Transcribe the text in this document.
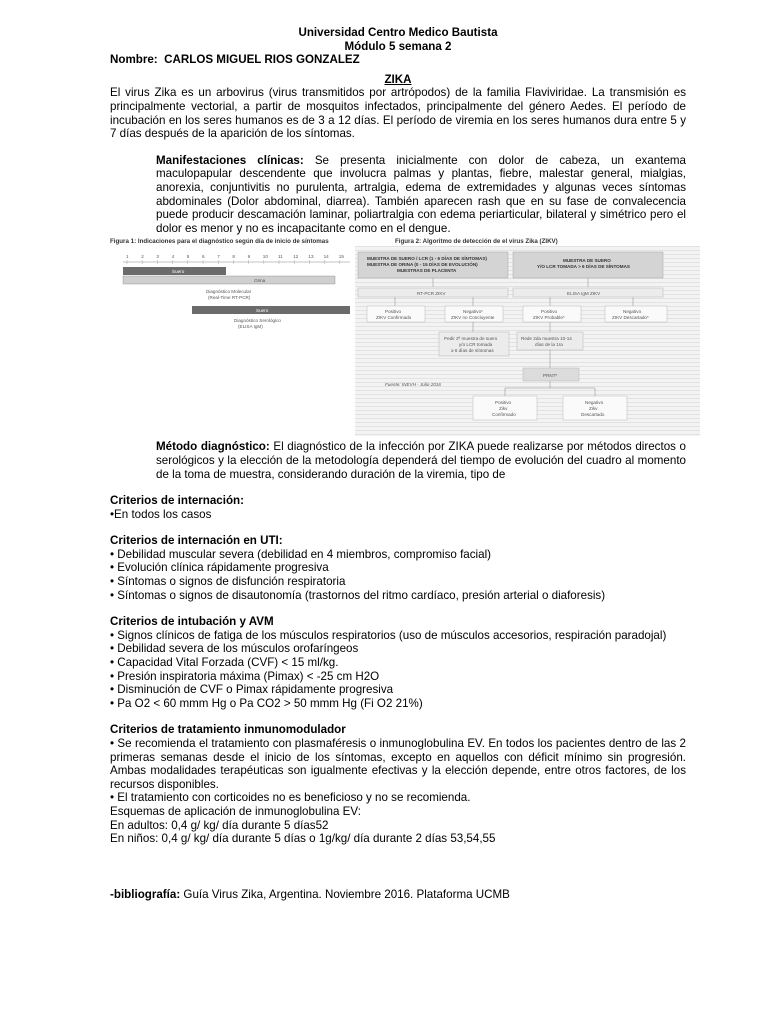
Universidad Centro Medico Bautista
Módulo 5 semana 2
Nombre: CARLOS MIGUEL RIOS GONZALEZ
ZIKA

El virus Zika es un arbovirus (virus transmitidos por artrópodos) de la familia Flaviviridae. La transmisión es principalmente vectorial, a partir de mosquitos infectados, principalmente del género Aedes. El período de incubación en los seres humanos es de 3 a 12 días. El período de viremia en los seres humanos dura entre 5 y 7 días después de la aparición de los síntomas.

Manifestaciones clínicas: Se presenta inicialmente con dolor de cabeza, un exantema maculopapular descendente que involucra palmas y plantas, fiebre, malestar general, mialgias, anorexia, conjuntivitis no purulenta, artralgia, edema de extremidades y algunas veces síntomas abdominales (Dolor abdominal, diarrea). También aparecen rash que en su fase de convalecencia puede producir descamación laminar, poliartralgia con edema periarticular, bilateral y simétrico pero el dolor es menor y no es incapacitante como en el dengue.

Figura 1: Indicaciones para el diagnóstico según día de inicio de síntomas
1	2	3	4	5	6	7	8	9	10 11 12 13 14 15
Suero
Orina
Diagnóstico Molecular
(Real-Time RT-PCR)
Suero
Diagnóstico Serológico
(ELISA IgM)
Figura 2: Algoritmo de detección de el virus Zika (ZIKV)
MUESTRA DE SUERO / LCR (1 - 6 DÍAS DE SÍNTOMAS)
MUESTRA DE ORINA (0 - 15 DÍAS DE EVOLUCIÓN)
MUESTRAS DE PLACENTA
MUESTRA DE SUERO
Y/O LCR TOMADA > 6 DÍAS DE SÍNTOMAS
RT-PCR ZIKV	ELISA IgM ZIKV
Positivo
ZIKV Confirmado
Negativo*
ZIKV no Concluyente
Positivo
ZIKV Probable*
Negativo
ZIKV Descartado*
Pedir 2ª muestra de suero
y/o LCR tomada
≥ 6 días de síntomas
Rede 2da muestra 10-14
días de la 1ra
PRNT*
Positivo
Zikv
Confirmado
Negativo
Zikv
Descartado
Fuente: INEVH - Julio 2016

Método diagnóstico: El diagnóstico de la infección por ZIKA puede realizarse por métodos directos o serológicos y la elección de la metodología dependerá del tiempo de evolución del cuadro al momento de la toma de muestra, considerando duración de la viremia, tipo de

Criterios de internación:
•En todos los casos
Criterios de internación en UTI:
• Debilidad muscular severa (debilidad en 4 miembros, compromiso facial)
• Evolución clínica rápidamente progresiva
• Síntomas o signos de disfunción respiratoria
• Síntomas o signos de disautonomía (trastornos del ritmo cardíaco, presión arterial o diaforesis)
Criterios de intubación y AVM
• Signos clínicos de fatiga de los músculos respiratorios (uso de músculos accesorios, respiración paradojal)
• Debilidad severa de los músculos orofaríngeos
• Capacidad Vital Forzada (CVF) < 15 ml/kg.
• Presión inspiratoria máxima (Pimax) < -25 cm H2O
• Disminución de CVF o Pimax rápidamente progresiva
• Pa O2 < 60 mmm Hg o Pa CO2 > 50 mmm Hg (Fi O2 21%)
Criterios de tratamiento inmunomodulador

• Se recomienda el tratamiento con plasmaféresis o inmunoglobulina EV. En todos los pacientes dentro de las 2 primeras semanas desde el inicio de los síntomas, excepto en aquellos con déficit mínimo sin progresión. Ambas modalidades terapéuticas son igualmente efectivas y la elección depende, entre otros factores, de los recursos disponibles.

• El tratamiento con corticoides no es beneficioso y no se recomienda.
Esquemas de aplicación de inmunoglobulina EV:
En adultos: 0,4 g/ kg/ día durante 5 días52
En niños: 0,4 g/ kg/ día durante 5 días o 1g/kg/ día durante 2 días 53,54,55
-bibliografía: Guía Virus Zika, Argentina. Noviembre 2016. Plataforma UCMB
